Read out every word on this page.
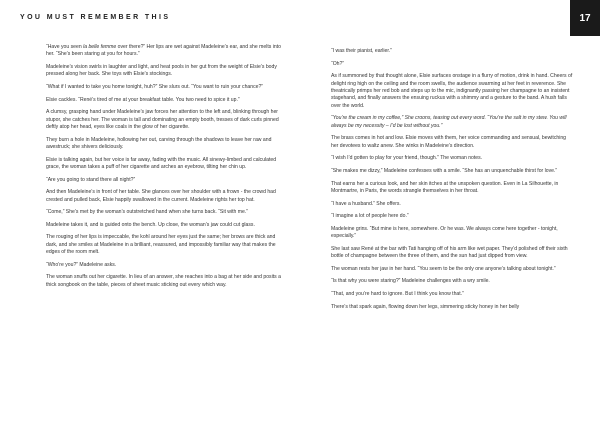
YOU MUST REMEMBER THIS	17

“Have you seen la belle femme over there?” Her lips are wet against Madeleine’s ear, and she melts into her. “She’s been staring at you for hours.”

Madeleine’s vision swirls in laughter and light, and heat pools in her gut from the weight of Elsie’s body pressed along her back. She toys with Elsie’s stockings.

“What if I wanted to take you home tonight, huh?” She slurs out. “You want to ruin your chance?”

Elsie cackles. “René’s tired of me at your breakfast table. You two need to spice it up.”

A clumsy, grasping hand under Madeleine’s jaw forces her attention to the left and, blinking through her stupor, she catches her. The woman is tall and dominating an empty booth, tresses of dark curls pinned deftly atop her head, eyes like coals in the glow of her cigarette.

They burn a hole in Madeleine, hollowing her out, carving through the shadows to leave her raw and awestruck; she shivers deliciously.

Elsie is talking again, but her voice is far away, fading with the music. All sinewy-limbed and calculated grace, the woman takes a puff of her cigarette and arches an eyebrow, tilting her chin up.

“Are you going to stand there all night?”

And then Madeleine’s in front of her table. She glances over her shoulder with a frown - the crowd had crested and pulled back, Elsie happily swallowed in the current. Madeleine rights her top hat.

“Come,” She’s met by the woman’s outstretched hand when she turns back. “Sit with me.”

Madeleine takes it, and is guided onto the bench. Up close, the woman’s jaw could cut glass.

The rouging of her lips is impeccable, the kohl around her eyes just the same; her brows are thick and dark, and she smiles at Madeleine in a brilliant, reassured, and impossibly familiar way that makes the edges of the room melt.

“Who’re you?” Madeleine asks.

The woman snuffs out her cigarette. In lieu of an answer, she reaches into a bag at her side and posits a thick songbook on the table, pieces of sheet music sticking out every which way.

“I was their pianist, earlier.”

“Oh?”

As if summoned by that thought alone, Elsie surfaces onstage in a flurry of motion, drink in hand. Cheers of delight ring high on the ceiling and the room swells, the audience swarming at her feet in reverence. She theatrically primps her red bob and steps up to the mic, indignantly passing her champagne to an insistent stagehand, and finally answers the ensuing ruckus with a shimmy and a gesture to the band. A hush falls over the world.

“You’re the cream in my coffee,” She croons, teasing out every word. “You’re the salt in my stew. You will always be my necessity – I’d be lost without you.”

The brass comes in hot and low. Elsie moves with them, her voice commanding and sensual, bewitching her devotees to waltz anew. She winks in Madeleine’s direction.

“I wish I’d gotten to play for your friend, though.” The woman notes.

“She makes me dizzy,” Madeleine confesses with a smile. “She has an unquenchable thirst for love.”

That earns her a curious look, and her skin itches at the unspoken question. Even in La Silhouette, in Montmartre, in Paris, the words strangle themselves in her throat.

“I have a husband.” She offers.

“I imagine a lot of people here do.”

Madeleine grins. “But mine is here, somewhere. Or he was. We always come here together - tonight, especially.”

She last saw René at the bar with Tati hanging off of his arm like wet paper. They’d polished off their sixth bottle of champagne between the three of them, and the sun had just dipped from view.

The woman rests her jaw in her hand. “You seem to be the only one anyone’s talking about tonight.”

“Is that why you were staring?” Madeleine challenges with a wry smile.

“That, and you’re hard to ignore. But I think you know that.”

There’s that spark again, flowing down her legs, simmering sticky honey in her belly
